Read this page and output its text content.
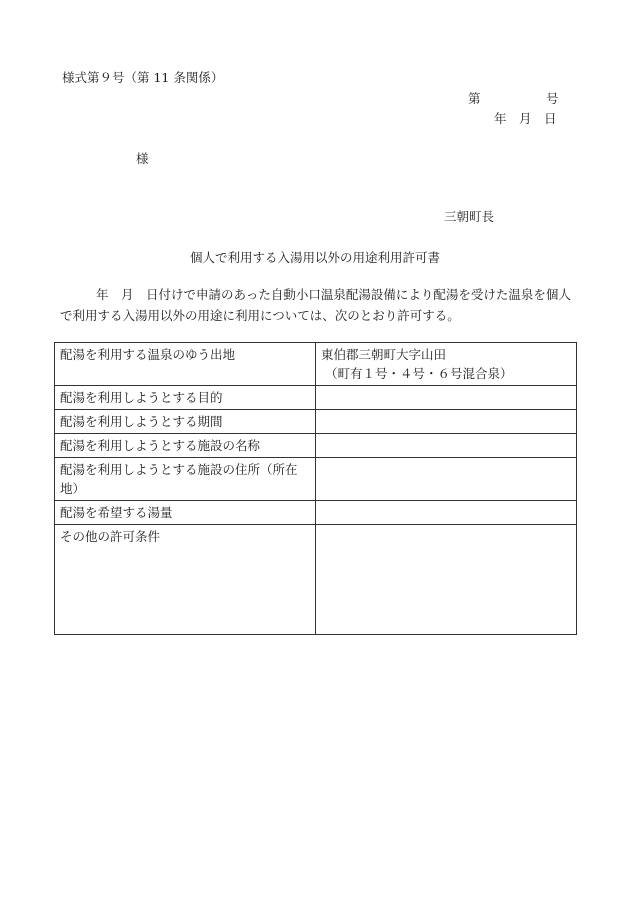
様式第９号（第 11 条関係）
第	号
年　月　日
様
三朝町長
個人で利用する入湯用以外の用途利用許可書
年　月　日付けで申請のあった自動小口温泉配湯設備により配湯を受けた温泉を個人で利用する入湯用以外の用途に利用については、次のとおり許可する。
配湯を利用する温泉のゆう出地	東伯郡三朝町大字山田
（町有１号・４号・６号混合泉）

配湯を利用しようとする目的	
配湯を利用しようとする期間	
配湯を利用しようとする施設の名称	
配湯を利用しようとする施設の住所（所在地）	
配湯を希望する湯量	
その他の許可条件	
